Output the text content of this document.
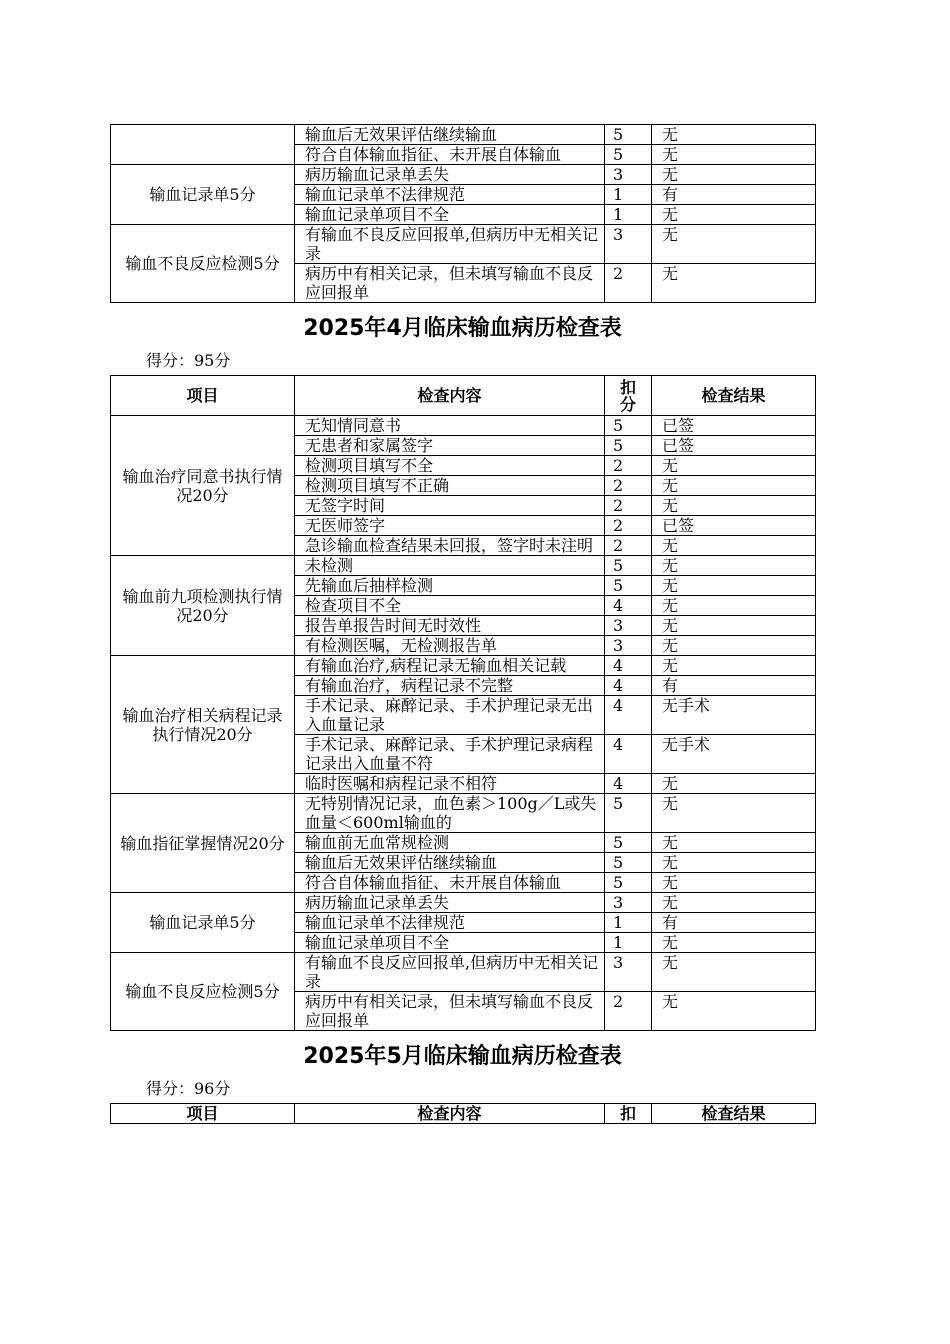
	输血后无效果评估继续输血	5	无
	符合自体输血指征、未开展自体输血	5	无
输血记录单5分	病历输血记录单丢失	3	无
	输血记录单不法律规范	1	有
	输血记录单项目不全	1	无
输血不良反应检测5分	有输血不良反应回报单,但病历中无相关记录	3	无
	病历中有相关记录，但未填写输血不良反应回报单	2	无
2025年4月临床输血病历检查表
得分：95分
项目	检查内容	扣分	检查结果
输血治疗同意书执行情况20分	无知情同意书	5	已签
	无患者和家属签字	5	已签
	检测项目填写不全	2	无
	检测项目填写不正确	2	无
	无签字时间	2	无
	无医师签字	2	已签
	急诊输血检查结果未回报，签字时未注明	2	无
输血前九项检测执行情况20分	未检测	5	无
	先输血后抽样检测	5	无
	检查项目不全	4	无
	报告单报告时间无时效性	3	无
	有检测医嘱，无检测报告单	3	无
输血治疗相关病程记录执行情况20分	有输血治疗,病程记录无输血相关记载	4	无
	有输血治疗，病程记录不完整	4	有
	手术记录、麻醉记录、手术护理记录无出入血量记录	4	无手术
	手术记录、麻醉记录、手术护理记录病程记录出入血量不符	4	无手术
	临时医嘱和病程记录不相符	4	无
输血指征掌握情况20分	无特别情况记录，血色素＞100g／L或失血量＜600ml输血的	5	无
	输血前无血常规检测	5	无
	输血后无效果评估继续输血	5	无
	符合自体输血指征、未开展自体输血	5	无
输血记录单5分	病历输血记录单丢失	3	无
	输血记录单不法律规范	1	有
	输血记录单项目不全	1	无
输血不良反应检测5分	有输血不良反应回报单,但病历中无相关记录	3	无
	病历中有相关记录，但未填写输血不良反应回报单	2	无
2025年5月临床输血病历检查表
得分：96分
项目	检查内容	扣	检查结果
